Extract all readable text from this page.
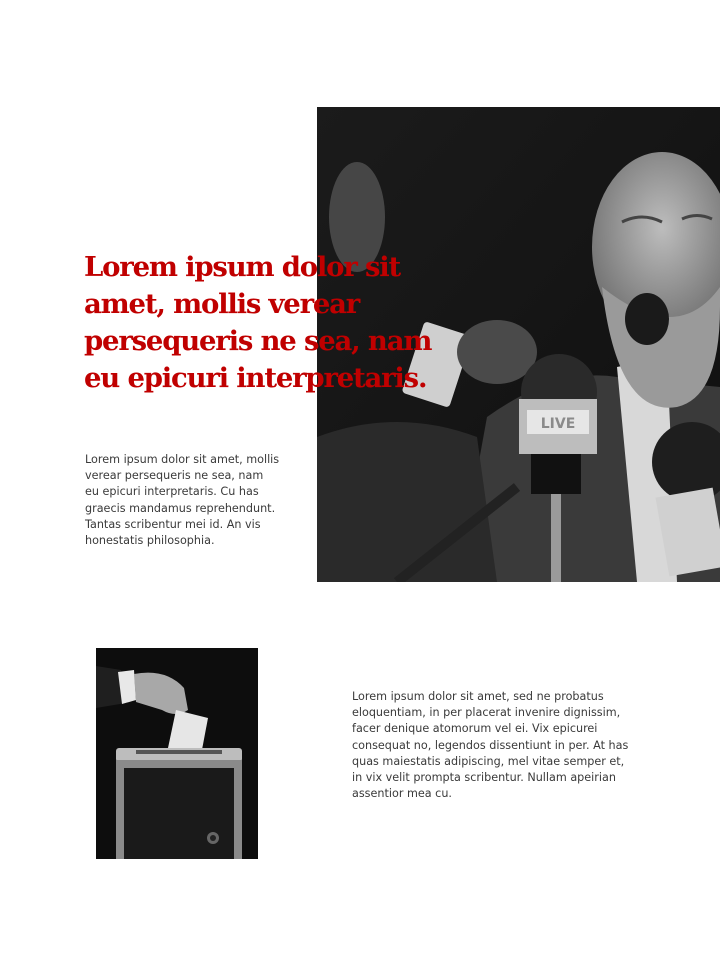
LIVE
Lorem ipsum dolor sit amet, mollis verear persequeris ne sea, nam eu epicuri interpretaris.

Lorem ipsum dolor sit amet, mollis verear persequeris ne sea, nam eu epicuri interpretaris. Cu has graecis mandamus reprehendunt. Tantas scribentur mei id. An vis honestatis philosophia.

Lorem ipsum dolor sit amet, sed ne probatus eloquentiam, in per placerat invenire dignissim, facer denique atomorum vel ei. Vix epicurei consequat no, legendos dissentiunt in per. At has quas maiestatis adipiscing, mel vitae semper et, in vix velit prompta scribentur. Nullam apeirian assentior mea cu.
